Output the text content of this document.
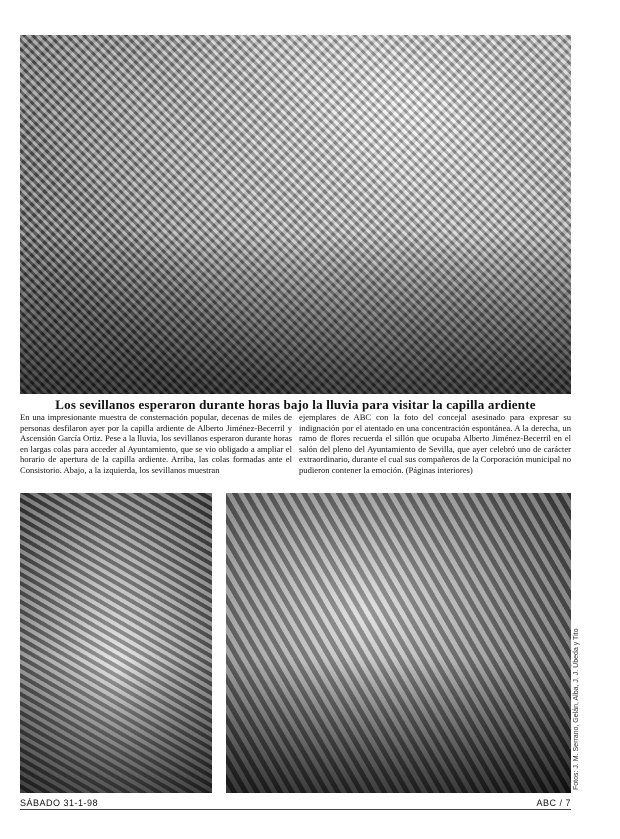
Los sevillanos esperaron durante horas bajo la lluvia para visitar la capilla ardiente

En una impresionante muestra de consternación popular, decenas de miles de personas desfilaron ayer por la capilla ardiente de Alberto Jiménez-Becerril y Ascensión García Ortiz. Pese a la lluvia, los sevillanos esperaron durante horas en largas colas para acceder al Ayuntamiento, que se vio obligado a ampliar el horario de apertura de la capilla ardiente. Arriba, las colas formadas ante el Consistorio. Abajo, a la izquierda, los sevillanos muestran

ejemplares de ABC con la foto del concejal asesinado para expresar su indignación por el atentado en una concentración espontánea. A la derecha, un ramo de flores recuerda el sillón que ocupaba Alberto Jiménez-Becerril en el salón del pleno del Ayuntamiento de Sevilla, que ayer celebró uno de carácter extraordinario, durante el cual sus compañeros de la Corporación municipal no pudieron contener la emoción. (Páginas interiores)

Fotos: J. M. Serrano, Gelán, Alba, J. J. Úbeda y Tito
SÁBADO 31-1-98	ABC / 7
